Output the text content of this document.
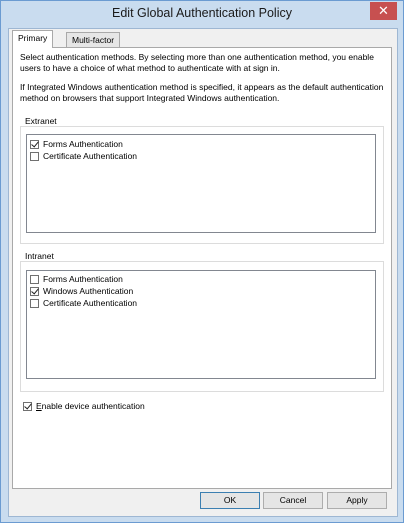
Edit Global Authentication Policy	✕
Primary	Multi-factor
Select authentication methods. By selecting more than one authentication method, you enable users to have a choice of what method to authenticate with at sign in.
If Integrated Windows authentication method is specified, it appears as the default authentication method on browsers that support Integrated Windows authentication.
Extranet
Forms Authentication
Certificate Authentication
Intranet
Forms Authentication
Windows Authentication
Certificate Authentication
Enable device authentication
OK	Cancel	Apply
